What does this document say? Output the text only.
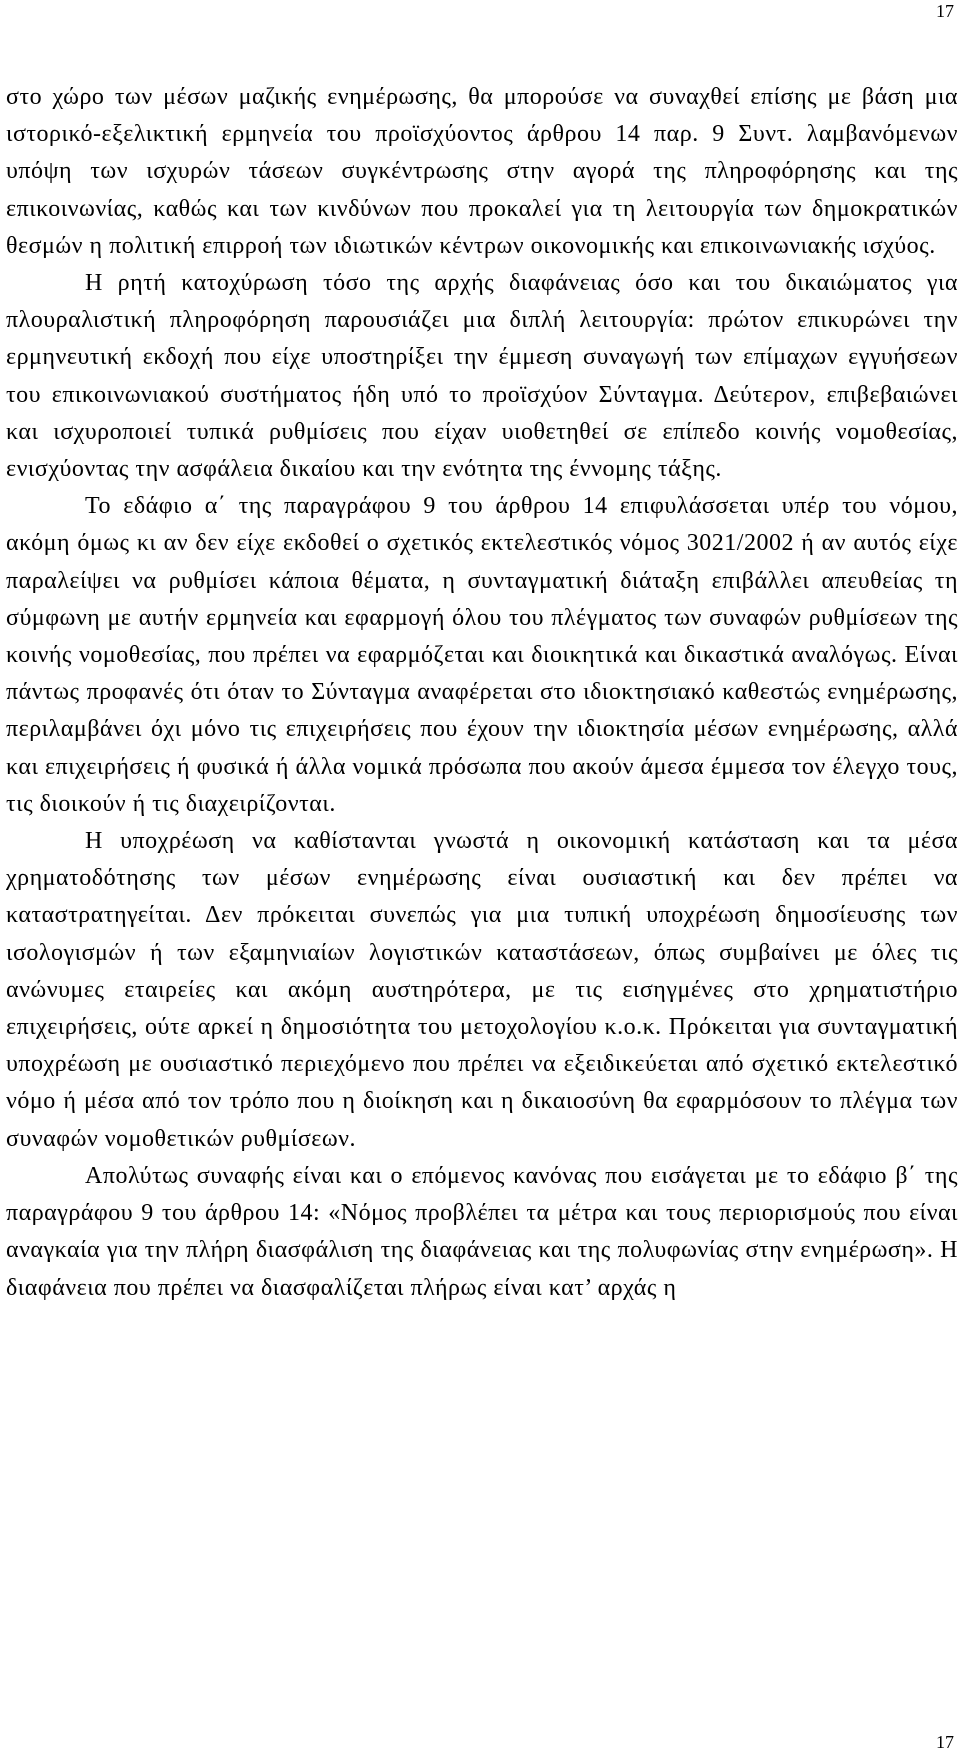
17

στο χώρο των μέσων μαζικής ενημέρωσης, θα μπορούσε να συναχθεί επίσης με βάση μια ιστορικό-εξελικτική ερμηνεία του προϊσχύοντος άρθρου 14 παρ. 9 Συντ. λαμβανόμενων υπόψη των ισχυρών τάσεων συγκέντρωσης στην αγορά της πληροφόρησης και της επικοινωνίας, καθώς και των κινδύνων που προκαλεί για τη λειτουργία των δημοκρατικών θεσμών η πολιτική επιρροή των ιδιωτικών κέντρων οικονομικής και επικοινωνιακής ισχύος.

Η ρητή κατοχύρωση τόσο της αρχής διαφάνειας όσο και του δικαιώματος για πλουραλιστική πληροφόρηση παρουσιάζει μια διπλή λειτουργία: πρώτον επικυρώνει την ερμηνευτική εκδοχή που είχε υποστηρίξει την έμμεση συναγωγή των επίμαχων εγγυήσεων του επικοινωνιακού συστήματος ήδη υπό το προϊσχύον Σύνταγμα. Δεύτερον, επιβεβαιώνει και ισχυροποιεί τυπικά ρυθμίσεις που είχαν υιοθετηθεί σε επίπεδο κοινής νομοθεσίας, ενισχύοντας την ασφάλεια δικαίου και την ενότητα της έννομης τάξης.

Το εδάφιο α΄ της παραγράφου 9 του άρθρου 14 επιφυλάσσεται υπέρ του νόμου, ακόμη όμως κι αν δεν είχε εκδοθεί ο σχετικός εκτελεστικός νόμος 3021/2002 ή αν αυτός είχε παραλείψει να ρυθμίσει κάποια θέματα, η συνταγματική διάταξη επιβάλλει απευθείας τη σύμφωνη με αυτήν ερμηνεία και εφαρμογή όλου του πλέγματος των συναφών ρυθμίσεων της κοινής νομοθεσίας, που πρέπει να εφαρμόζεται και διοικητικά και δικαστικά αναλόγως. Είναι πάντως προφανές ότι όταν το Σύνταγμα αναφέρεται στο ιδιοκτησιακό καθεστώς ενημέρωσης, περιλαμβάνει όχι μόνο τις επιχειρήσεις που έχουν την ιδιοκτησία μέσων ενημέρωσης, αλλά και επιχειρήσεις ή φυσικά ή άλλα νομικά πρόσωπα που ακούν άμεσα έμμεσα τον έλεγχο τους, τις διοικούν ή τις διαχειρίζονται.

Η υποχρέωση να καθίστανται γνωστά η οικονομική κατάσταση και τα μέσα χρηματοδότησης των μέσων ενημέρωσης είναι ουσιαστική και δεν πρέπει να καταστρατηγείται. Δεν πρόκειται συνεπώς για μια τυπική υποχρέωση δημοσίευσης των ισολογισμών ή των εξαμηνιαίων λογιστικών καταστάσεων, όπως συμβαίνει με όλες τις ανώνυμες εταιρείες και ακόμη αυστηρότερα, με τις εισηγμένες στο χρηματιστήριο επιχειρήσεις, ούτε αρκεί η δημοσιότητα του μετοχολογίου κ.ο.κ. Πρόκειται για συνταγματική υποχρέωση με ουσιαστικό περιεχόμενο που πρέπει να εξειδικεύεται από σχετικό εκτελεστικό νόμο ή μέσα από τον τρόπο που η διοίκηση και η δικαιοσύνη θα εφαρμόσουν το πλέγμα των συναφών νομοθετικών ρυθμίσεων.

Απολύτως συναφής είναι και ο επόμενος κανόνας που εισάγεται με το εδάφιο β΄ της παραγράφου 9 του άρθρου 14: «Νόμος προβλέπει τα μέτρα και τους περιορισμούς που είναι αναγκαία για την πλήρη διασφάλιση της διαφάνειας και της πολυφωνίας στην ενημέρωση». Η διαφάνεια που πρέπει να διασφαλίζεται πλήρως είναι κατ’ αρχάς η

17
